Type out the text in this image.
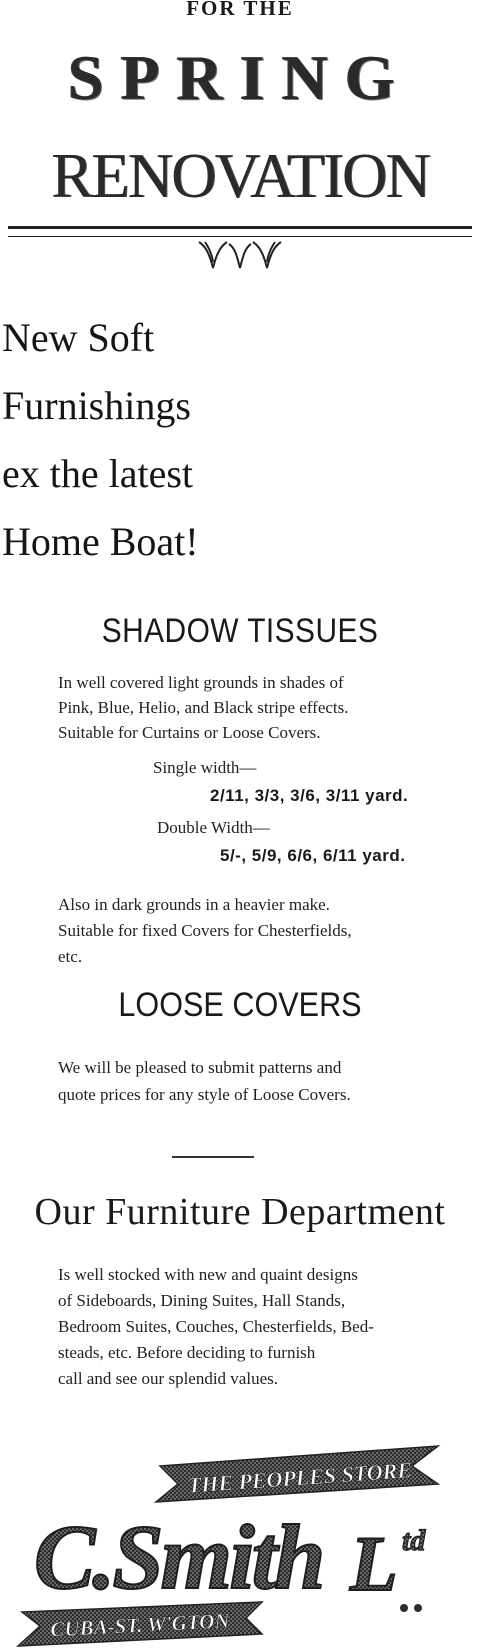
FOR THE
SPRING
RENOVATION
New Soft
Furnishings
ex the latest
Home Boat!
SHADOW TISSUES
In well covered light grounds in shades of
Pink, Blue, Helio, and Black stripe effects.
Suitable for Curtains or Loose Covers.
Single width—
2/11, 3/3, 3/6, 3/11 yard.
Double Width—
5/-, 5/9, 6/6, 6/11 yard.
Also in dark grounds in a heavier make.
Suitable for fixed Covers for Chesterfields,
etc.
LOOSE COVERS
We will be pleased to submit patterns and
quote prices for any style of Loose Covers.
Our Furniture Department
Is well stocked with new and quaint designs
of Sideboards, Dining Suites, Hall Stands,
Bedroom Suites, Couches, Chesterfields, Bed-
steads, etc. Before deciding to furnish
call and see our splendid values.
THE PEOPLES STORE
C.Smith L td
CUBA-ST. W'GTON
